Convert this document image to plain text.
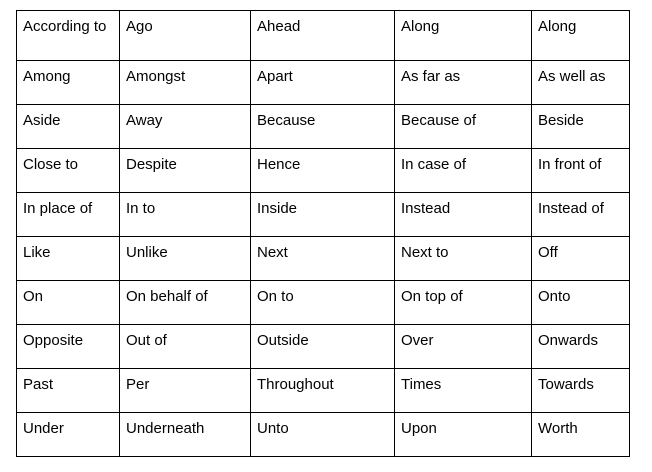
According to	Ago	Ahead	Along	Along

Among	Amongst	Apart	As far as	As well as

Aside	Away	Because	Because of	Beside

Close to	Despite	Hence	In case of	In front of

In place of	In to	Inside	Instead	Instead of

Like	Unlike	Next	Next to	Off

On	On behalf of	On to	On top of	Onto

Opposite	Out of	Outside	Over	Onwards

Past	Per	Throughout	Times	Towards

Under	Underneath	Unto	Upon	Worth
